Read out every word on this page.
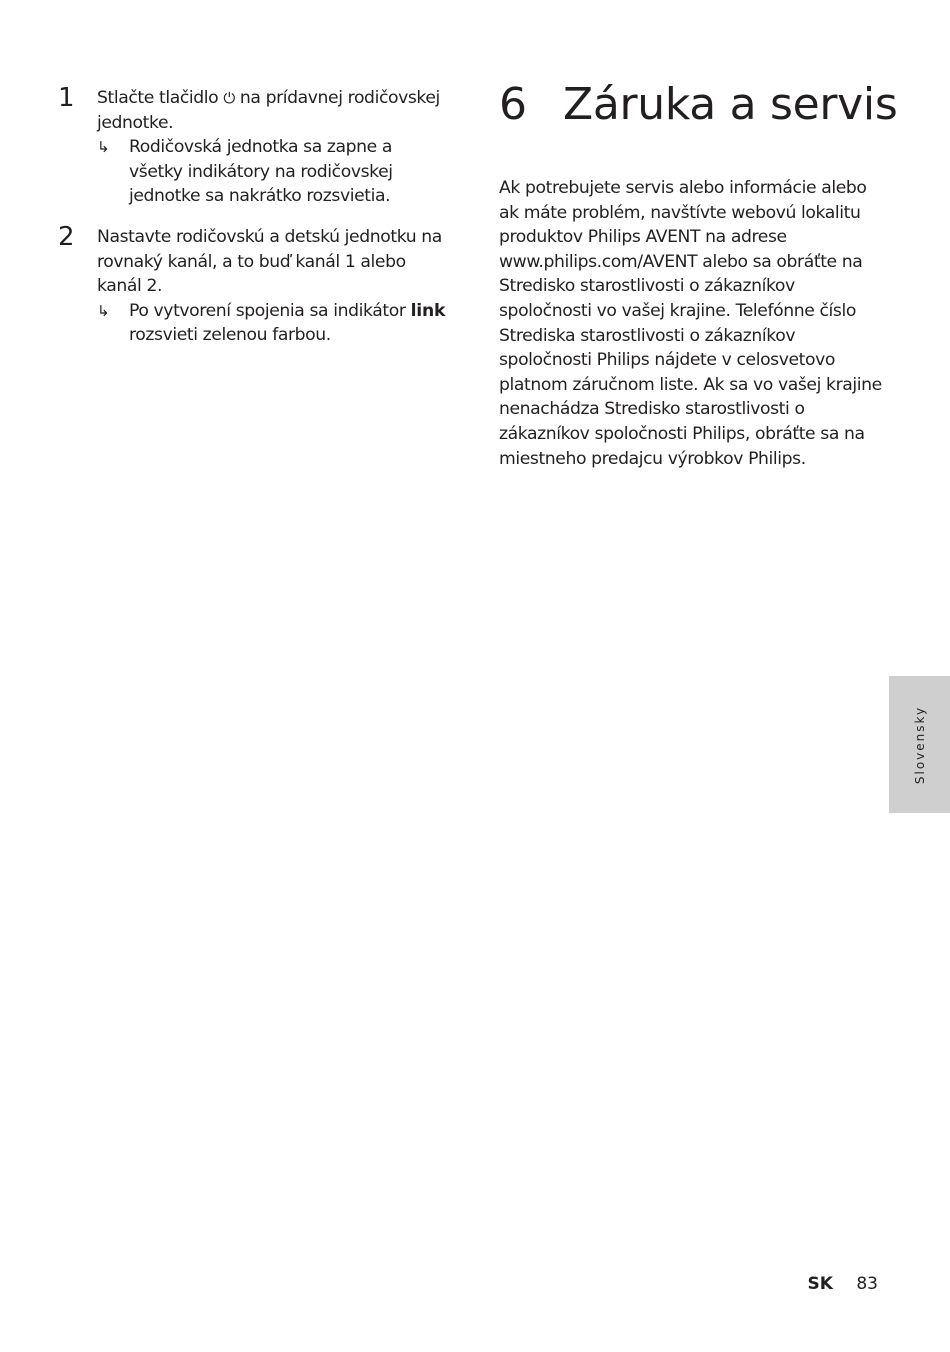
1 Stlačte tlačidlo ⏻ na prídavnej rodičovskej jednotke.
↳ Rodičovská jednotka sa zapne a všetky indikátory na rodičovskej jednotke sa nakrátko rozsvietia.
2 Nastavte rodičovskú a detskú jednotku na rovnaký kanál, a to buď kanál 1 alebo kanál 2.
↳ Po vytvorení spojenia sa indikátor link rozsvieti zelenou farbou.
6 Záruka a servis

Ak potrebujete servis alebo informácie alebo ak máte problém, navštívte webovú lokalitu produktov Philips AVENT na adrese www.philips.com/AVENT alebo sa obráťte na Stredisko starostlivosti o zákazníkov spoločnosti vo vašej krajine. Telefónne číslo Strediska starostlivosti o zákazníkov spoločnosti Philips nájdete v celosvetovo platnom záručnom liste. Ak sa vo vašej krajine nenachádza Stredisko starostlivosti o zákazníkov spoločnosti Philips, obráťte sa na miestneho predajcu výrobkov Philips.

Slovensky
SK 83
